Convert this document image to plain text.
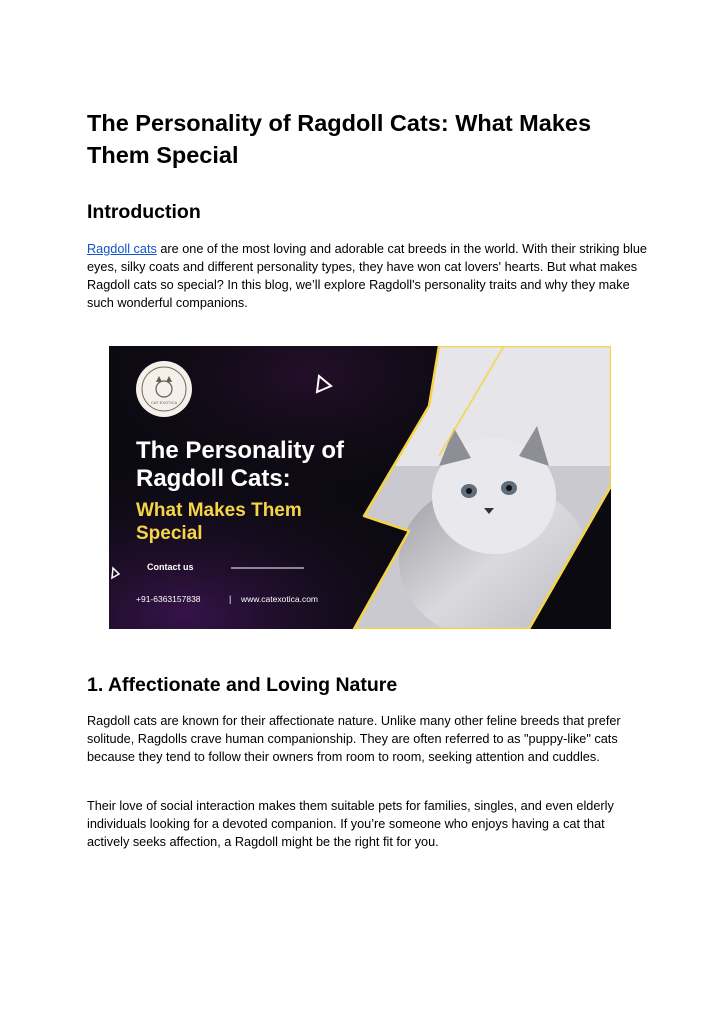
The Personality of Ragdoll Cats: What Makes Them Special
Introduction

Ragdoll cats are one of the most loving and adorable cat breeds in the world. With their striking blue eyes, silky coats and different personality types, they have won cat lovers' hearts. But what makes Ragdoll cats so special? In this blog, we’ll explore Ragdoll's personality traits and why they make such wonderful companions.

CAT EXOTICA
The Personality of
Ragdoll Cats:
What Makes Them
Special
Contact us
+91-6363157838	| www.catexotica.com
1. Affectionate and Loving Nature

Ragdoll cats are known for their affectionate nature. Unlike many other feline breeds that prefer solitude, Ragdolls crave human companionship. They are often referred to as "puppy-like" cats because they tend to follow their owners from room to room, seeking attention and cuddles.

Their love of social interaction makes them suitable pets for families, singles, and even elderly individuals looking for a devoted companion. If you’re someone who enjoys having a cat that actively seeks affection, a Ragdoll might be the right fit for you.
